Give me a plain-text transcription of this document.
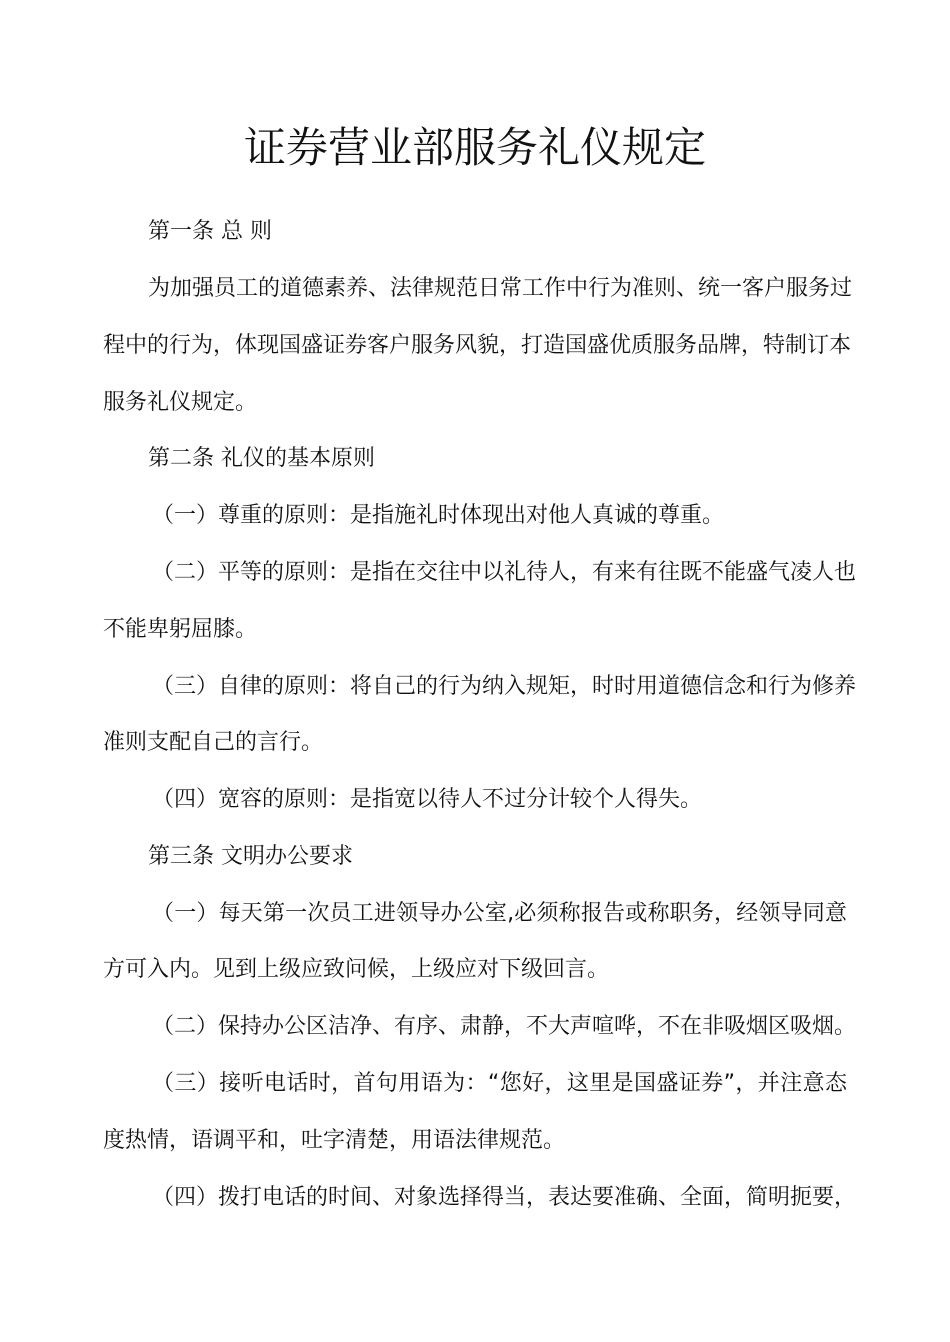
证券营业部服务礼仪规定
第一条 总 则
为加强员工的道德素养、法律规范日常工作中行为准则、统一客户服务过
程中的行为，体现国盛证券客户服务风貌，打造国盛优质服务品牌，特制订本
服务礼仪规定。
第二条 礼仪的基本原则
（一）尊重的原则：是指施礼时体现出对他人真诚的尊重。
（二）平等的原则：是指在交往中以礼待人，有来有往既不能盛气凌人也
不能卑躬屈膝。
（三）自律的原则：将自己的行为纳入规矩，时时用道德信念和行为修养
准则支配自己的言行。
（四）宽容的原则：是指宽以待人不过分计较个人得失。
第三条 文明办公要求
（一）每天第一次员工进领导办公室,必须称报告或称职务，经领导同意
方可入内。见到上级应致问候，上级应对下级回言。
（二）保持办公区洁净、有序、肃静，不大声喧哗，不在非吸烟区吸烟。
（三）接听电话时，首句用语为：“您好，这里是国盛证券”，并注意态
度热情，语调平和，吐字清楚，用语法律规范。
（四）拨打电话的时间、对象选择得当，表达要准确、全面，简明扼要，
